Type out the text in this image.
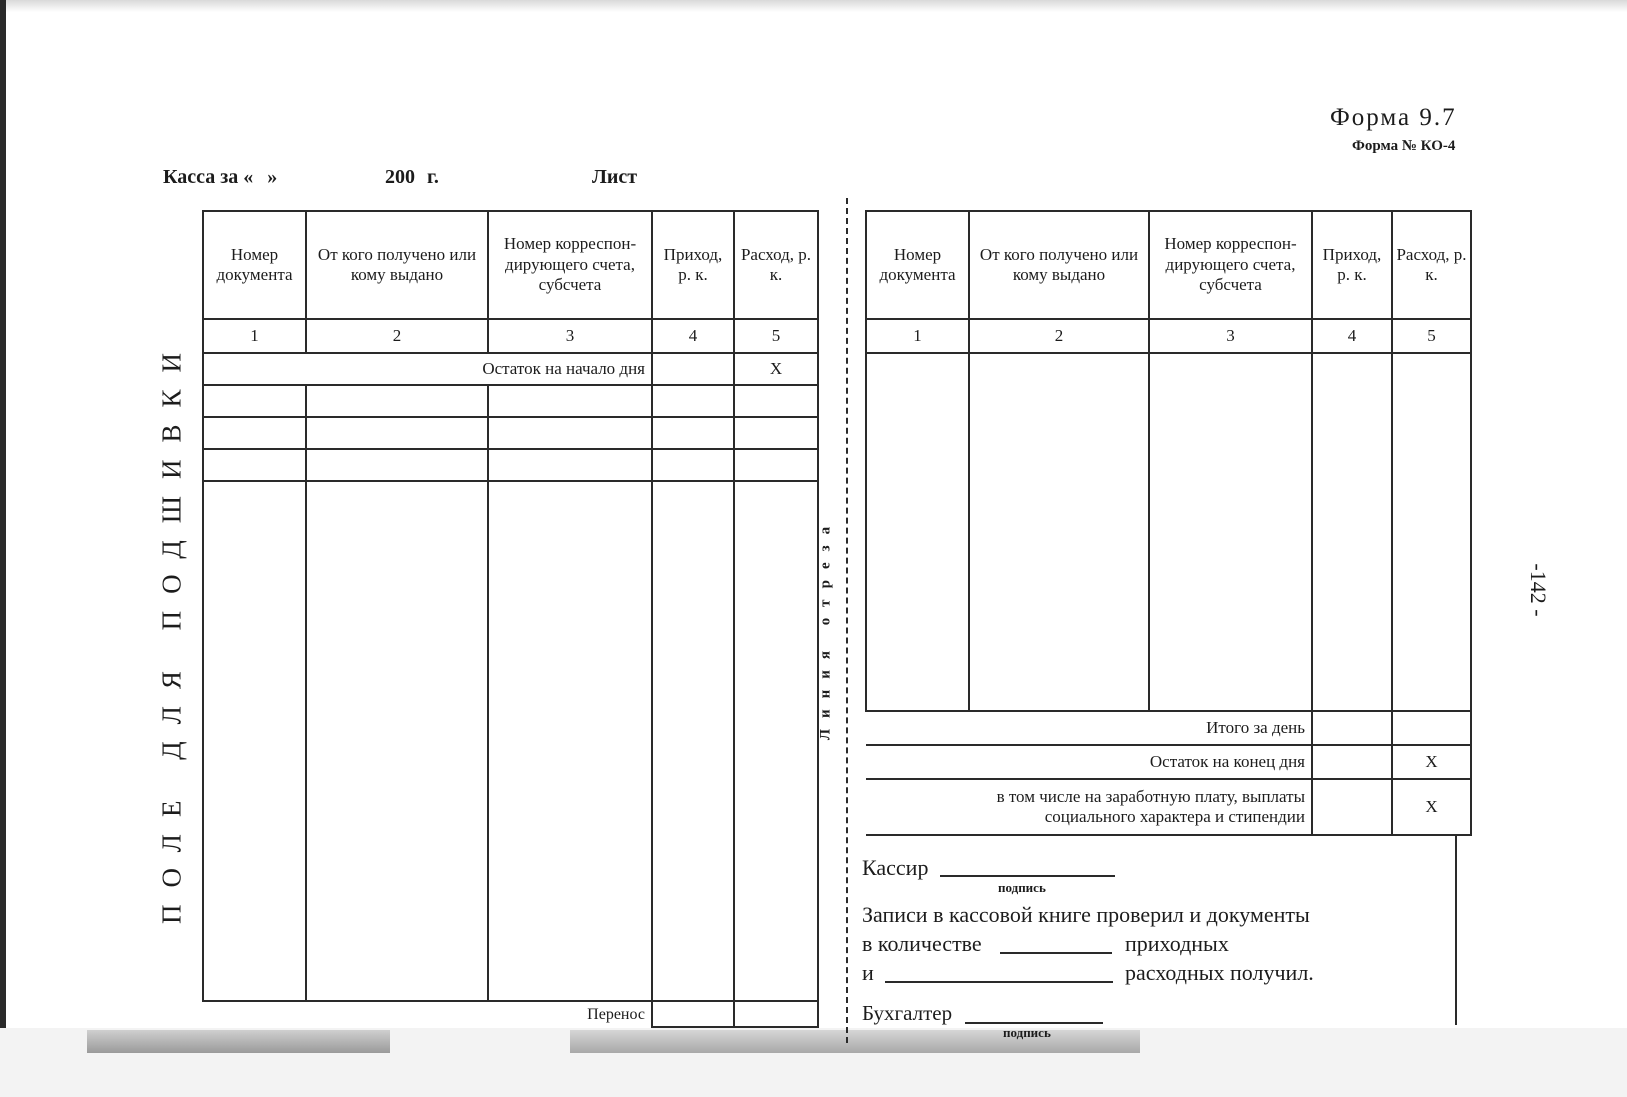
Форма 9.7
Форма № КО-4
Касса за « »	200 г.	Лист
ПОЛЕ ДЛЯ ПОДШИВКИ	Линия отреза	-142 -
Номер документа	От кого получено или кому выдано	Номер корреспон-дирующего счета, субсчета	Приход, р. к.	Расход, р. к.
1	2	3	4	5
Остаток на начало дня				X

Перенос				
Номер документа	От кого получено или кому выдано	Номер корреспон-дирующего счета, субсчета	Приход, р. к.	Расход, р. к.
1	2	3	4	5

Итого за день				
Остаток на конец дня				X
в том числе на заработную плату, выплаты социального характера и стипендии				X
Кассир
подпись
Записи в кассовой книге проверил и документы
в количестве	приходных
и	расходных получил.
Бухгалтер
подпись
